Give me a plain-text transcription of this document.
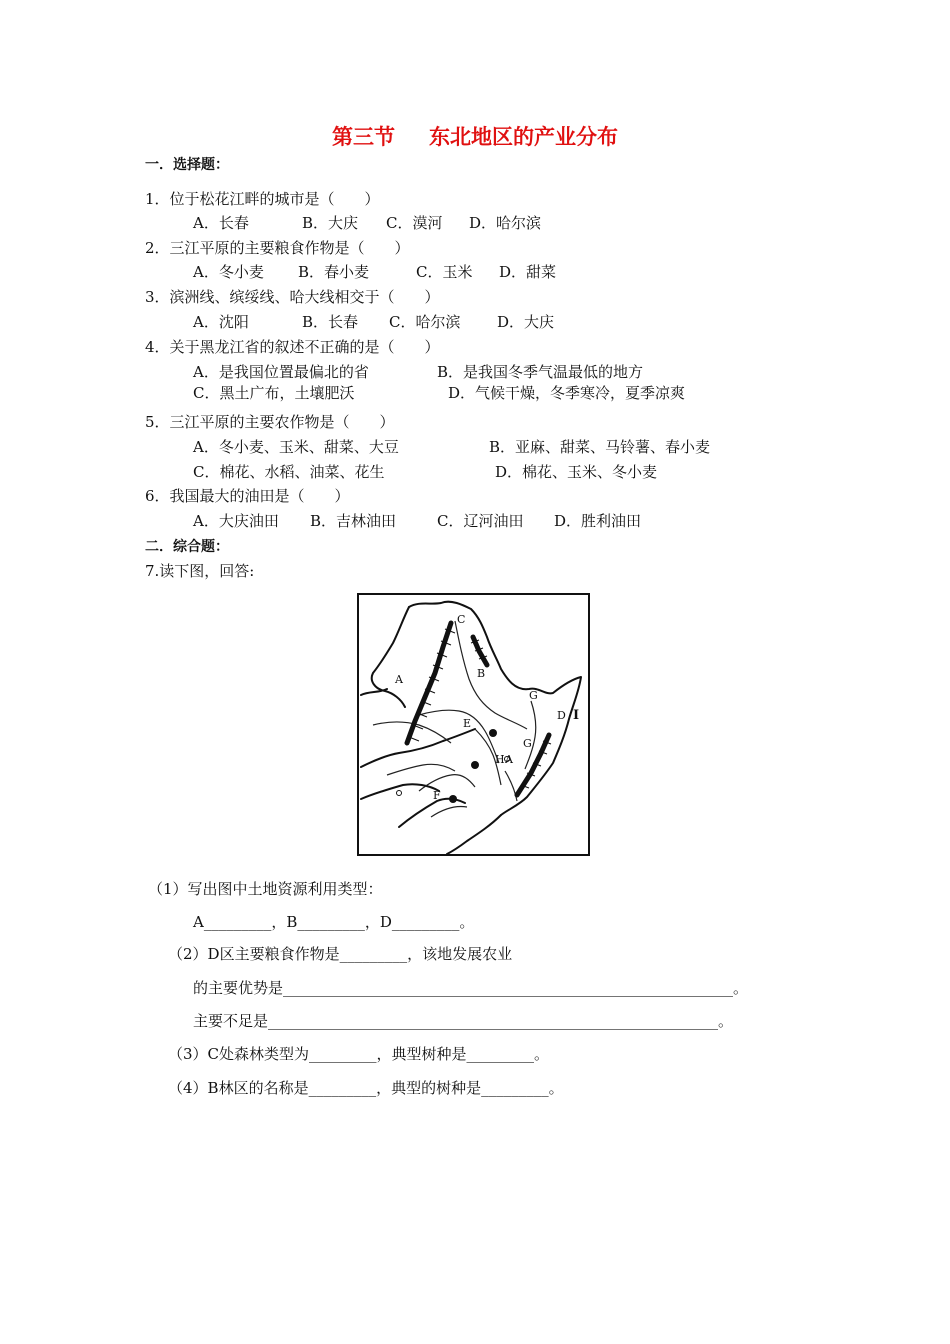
第三节 东北地区的产业分布
一．选择题：
1．位于松花江畔的城市是（　　）
A．长春	B．大庆 C．漠河 D．哈尔滨
2．三江平原的主要粮食作物是（　　）
A．冬小麦 B．春小麦	C．玉米 D．甜菜
3．滨洲线、缤绥线、哈大线相交于（　　）
A．沈阳	B．长春 C．哈尔滨 D．大庆
4．关于黑龙江省的叙述不正确的是（　　）
A．是我国位置最偏北的省	B．是我国冬季气温最低的地方
C．黑土广布，土壤肥沃	D．气候干燥，冬季寒冷，夏季凉爽
5．三江平原的主要农作物是（　　）
A．冬小麦、玉米、甜菜、大豆	B．亚麻、甜菜、马铃薯、春小麦
C．棉花、水稻、油菜、花生	D．棉花、玉米、冬小麦
6．我国最大的油田是（　　）
A．大庆油田 B．吉林油田	C．辽河油田 D．胜利油田
二．综合题：
7.读下图，回答:
A	B
C
D
E
F
G
G
H A
I
（1）写出图中土地资源利用类型：
A_________，B_________，D_________。
（2）D区主要粮食作物是_________，该地发展农业
的主要优势是____________________________________________________________。
主要不足是____________________________________________________________。
（3）C处森林类型为_________，典型树种是_________。
（4）B林区的名称是_________，典型的树种是_________。
